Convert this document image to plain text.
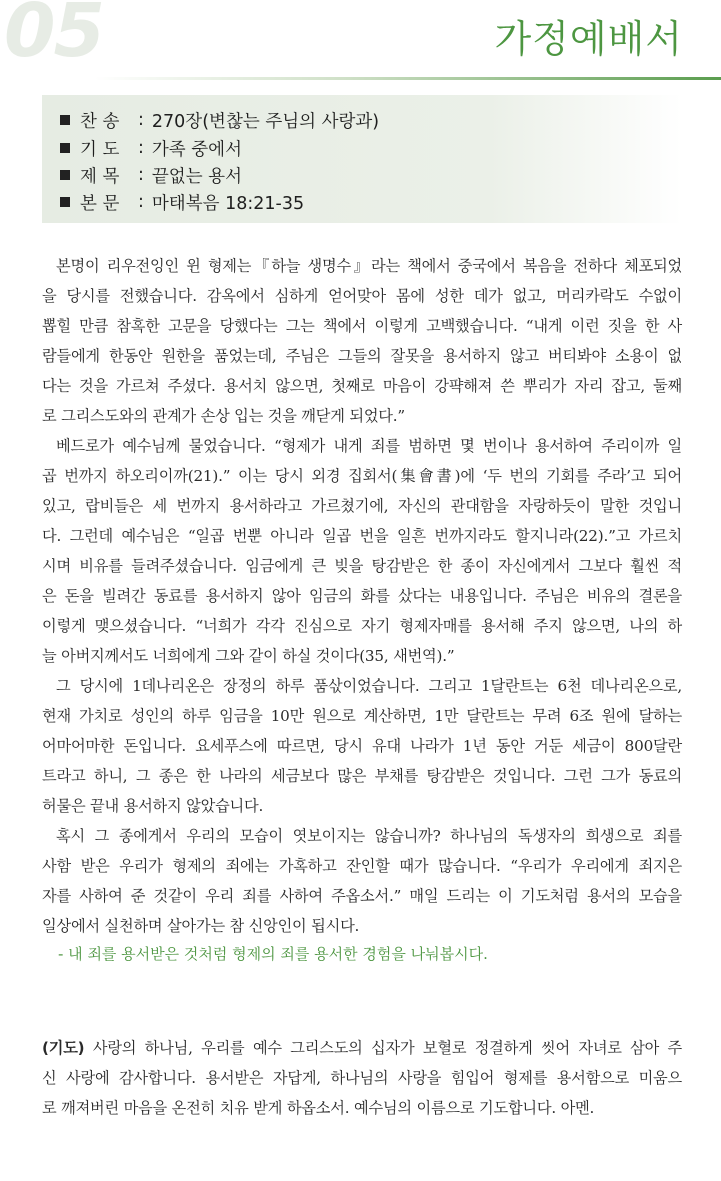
05	가정예배서
찬 송	: 270장(변찮는 주님의 사랑과)
기 도	: 가족 중에서
제 목	: 끝없는 용서
본 문	: 마태복음 18:21-35
본명이 리우전잉인 윈 형제는『하늘 생명수』라는 책에서 중국에서 복음을 전하다 체포되었
을 당시를 전했습니다. 감옥에서 심하게 얻어맞아 몸에 성한 데가 없고, 머리카락도 수없이
뽑힐 만큼 참혹한 고문을 당했다는 그는 책에서 이렇게 고백했습니다. “내게 이런 짓을 한 사
람들에게 한동안 원한을 품었는데, 주님은 그들의 잘못을 용서하지 않고 버티봐야 소용이 없
다는 것을 가르쳐 주셨다. 용서치 않으면, 첫째로 마음이 강퍅해져 쓴 뿌리가 자리 잡고, 둘째
로 그리스도와의 관계가 손상 입는 것을 깨닫게 되었다.”
베드로가 예수님께 물었습니다. “형제가 내게 죄를 범하면 몇 번이나 용서하여 주리이까 일
곱 번까지 하오리이까(21).” 이는 당시 외경 집회서(集會書)에 ‘두 번의 기회를 주라’고 되어
있고, 랍비들은 세 번까지 용서하라고 가르쳤기에, 자신의 관대함을 자랑하듯이 말한 것입니
다. 그런데 예수님은 “일곱 번뿐 아니라 일곱 번을 일흔 번까지라도 할지니라(22).”고 가르치
시며 비유를 들려주셨습니다. 임금에게 큰 빚을 탕감받은 한 종이 자신에게서 그보다 훨씬 적
은 돈을 빌려간 동료를 용서하지 않아 임금의 화를 샀다는 내용입니다. 주님은 비유의 결론을
이렇게 맺으셨습니다. “너희가 각각 진심으로 자기 형제자매를 용서해 주지 않으면, 나의 하
늘 아버지께서도 너희에게 그와 같이 하실 것이다(35, 새번역).”
그 당시에 1데나리온은 장정의 하루 품삯이었습니다. 그리고 1달란트는 6천 데나리온으로,
현재 가치로 성인의 하루 임금을 10만 원으로 계산하면, 1만 달란트는 무려 6조 원에 달하는
어마어마한 돈입니다. 요세푸스에 따르면, 당시 유대 나라가 1년 동안 거둔 세금이 800달란
트라고 하니, 그 종은 한 나라의 세금보다 많은 부채를 탕감받은 것입니다. 그런 그가 동료의
허물은 끝내 용서하지 않았습니다.
혹시 그 종에게서 우리의 모습이 엿보이지는 않습니까? 하나님의 독생자의 희생으로 죄를
사함 받은 우리가 형제의 죄에는 가혹하고 잔인할 때가 많습니다. “우리가 우리에게 죄지은
자를 사하여 준 것같이 우리 죄를 사하여 주옵소서.” 매일 드리는 이 기도처럼 용서의 모습을
일상에서 실천하며 살아가는 참 신앙인이 됩시다.
- 내 죄를 용서받은 것처럼 형제의 죄를 용서한 경험을 나눠봅시다.
(기도) 사랑의 하나님, 우리를 예수 그리스도의 십자가 보혈로 정결하게 씻어 자녀로 삼아 주
신 사랑에 감사합니다. 용서받은 자답게, 하나님의 사랑을 힘입어 형제를 용서함으로 미움으
로 깨져버린 마음을 온전히 치유 받게 하옵소서. 예수님의 이름으로 기도합니다. 아멘.
